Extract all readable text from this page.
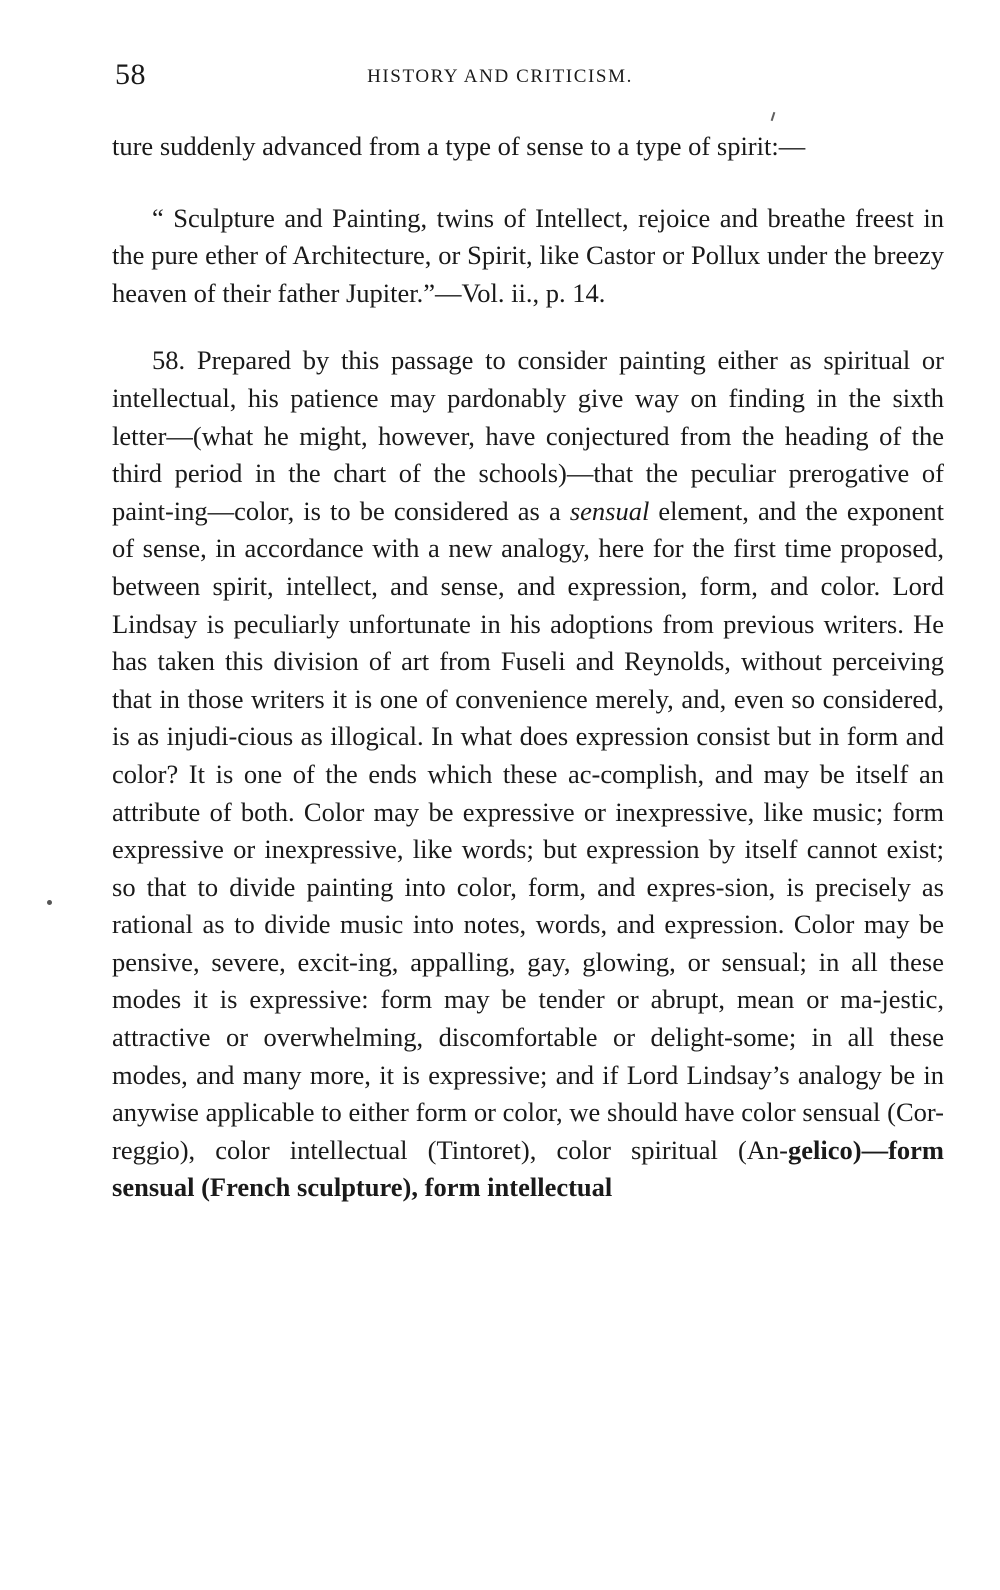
58	HISTORY AND CRITICISM.

ture suddenly advanced from a type of sense to a type of spirit:—

“ Sculpture and Painting, twins of Intellect, rejoice and breathe freest in the pure ether of Architecture, or Spirit, like Castor or Pollux under the breezy heaven of their father Jupiter.”—Vol. ii., p. 14.

58. Prepared by this passage to consider painting either as spiritual or intellectual, his patience may pardonably give way on finding in the sixth letter—(what he might, however, have conjectured from the heading of the third period in the chart of the schools)—that the peculiar prerogative of paint-ing—color, is to be considered as a sensual element, and the exponent of sense, in accordance with a new analogy, here for the first time proposed, between spirit, intellect, and sense, and expression, form, and color. Lord Lindsay is peculiarly unfortunate in his adoptions from previous writers. He has taken this division of art from Fuseli and Reynolds, without perceiving that in those writers it is one of convenience merely, and, even so considered, is as injudi-cious as illogical. In what does expression consist but in form and color? It is one of the ends which these ac-complish, and may be itself an attribute of both. Color may be expressive or inexpressive, like music; form expressive or inexpressive, like words; but expression by itself cannot exist; so that to divide painting into color, form, and expres-sion, is precisely as rational as to divide music into notes, words, and expression. Color may be pensive, severe, excit-ing, appalling, gay, glowing, or sensual; in all these modes it is expressive: form may be tender or abrupt, mean or ma-jestic, attractive or overwhelming, discomfortable or delight-some; in all these modes, and many more, it is expressive; and if Lord Lindsay’s analogy be in anywise applicable to either form or color, we should have color sensual (Cor-reggio), color intellectual (Tintoret), color spiritual (An-gelico)—form sensual (French sculpture), form intellectual
